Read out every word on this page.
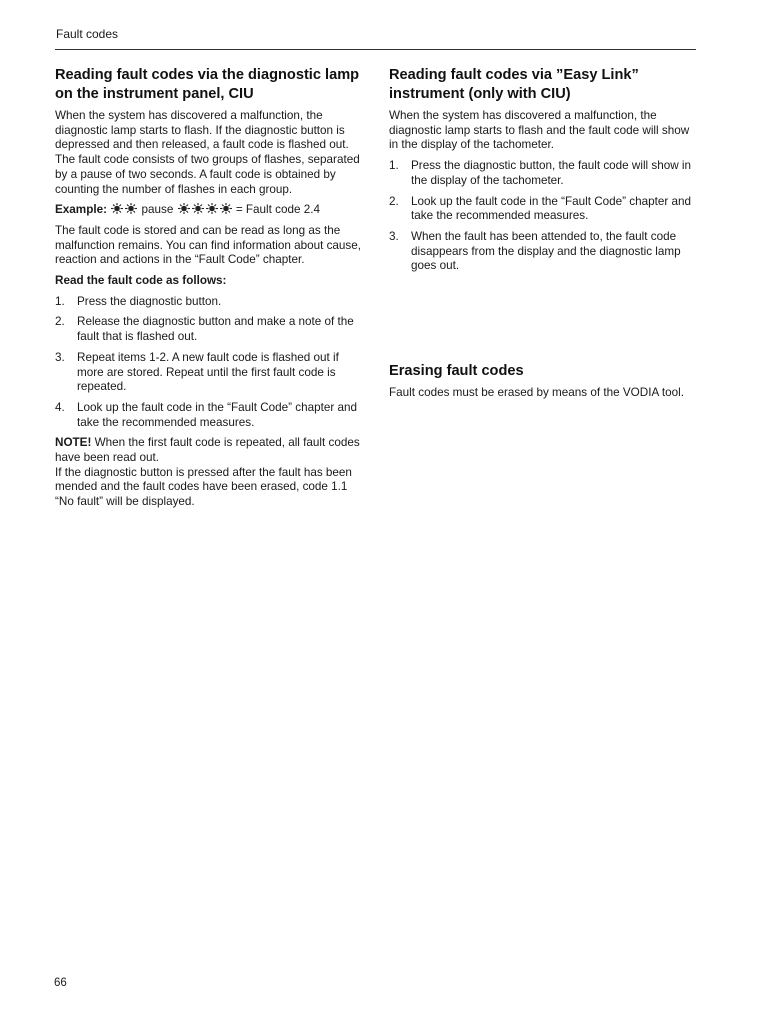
Fault codes
Reading fault codes via the diagnostic lamp on the instrument panel, CIU

When the system has discovered a malfunction, the diagnostic lamp starts to flash. If the diagnostic button is depressed and then released, a fault code is flashed out.

The fault code consists of two groups of flashes, separated by a pause of two seconds. A fault code is obtained by counting the number of flashes in each group.

Example:	pause	= Fault code 2.4

The fault code is stored and can be read as long as the malfunction remains. You can find information about cause, reaction and actions in the “Fault Code” chapter.

Read the fault code as follows:

1. Press the diagnostic button.
2. Release the diagnostic button and make a note of the fault that is flashed out.
3. Repeat items 1-2. A new fault code is flashed out if more are stored. Repeat until the first fault code is repeated.
4. Look up the fault code in the “Fault Code” chapter and take the recommended measures.

NOTE! When the first fault code is repeated, all fault codes have been read out.

If the diagnostic button is pressed after the fault has been mended and the fault codes have been erased, code 1.1 “No fault” will be displayed.

Reading fault codes via ”Easy Link” instrument (only with CIU)

When the system has discovered a malfunction, the diagnostic lamp starts to flash and the fault code will show in the display of the tachometer.

1. Press the diagnostic button, the fault code will show in the display of the tachometer.
2. Look up the fault code in the “Fault Code” chapter and take the recommended measures.
3. When the fault has been attended to, the fault code disappears from the display and the diagnostic lamp goes out.
Erasing fault codes

Fault codes must be erased by means of the VODIA tool.

66
